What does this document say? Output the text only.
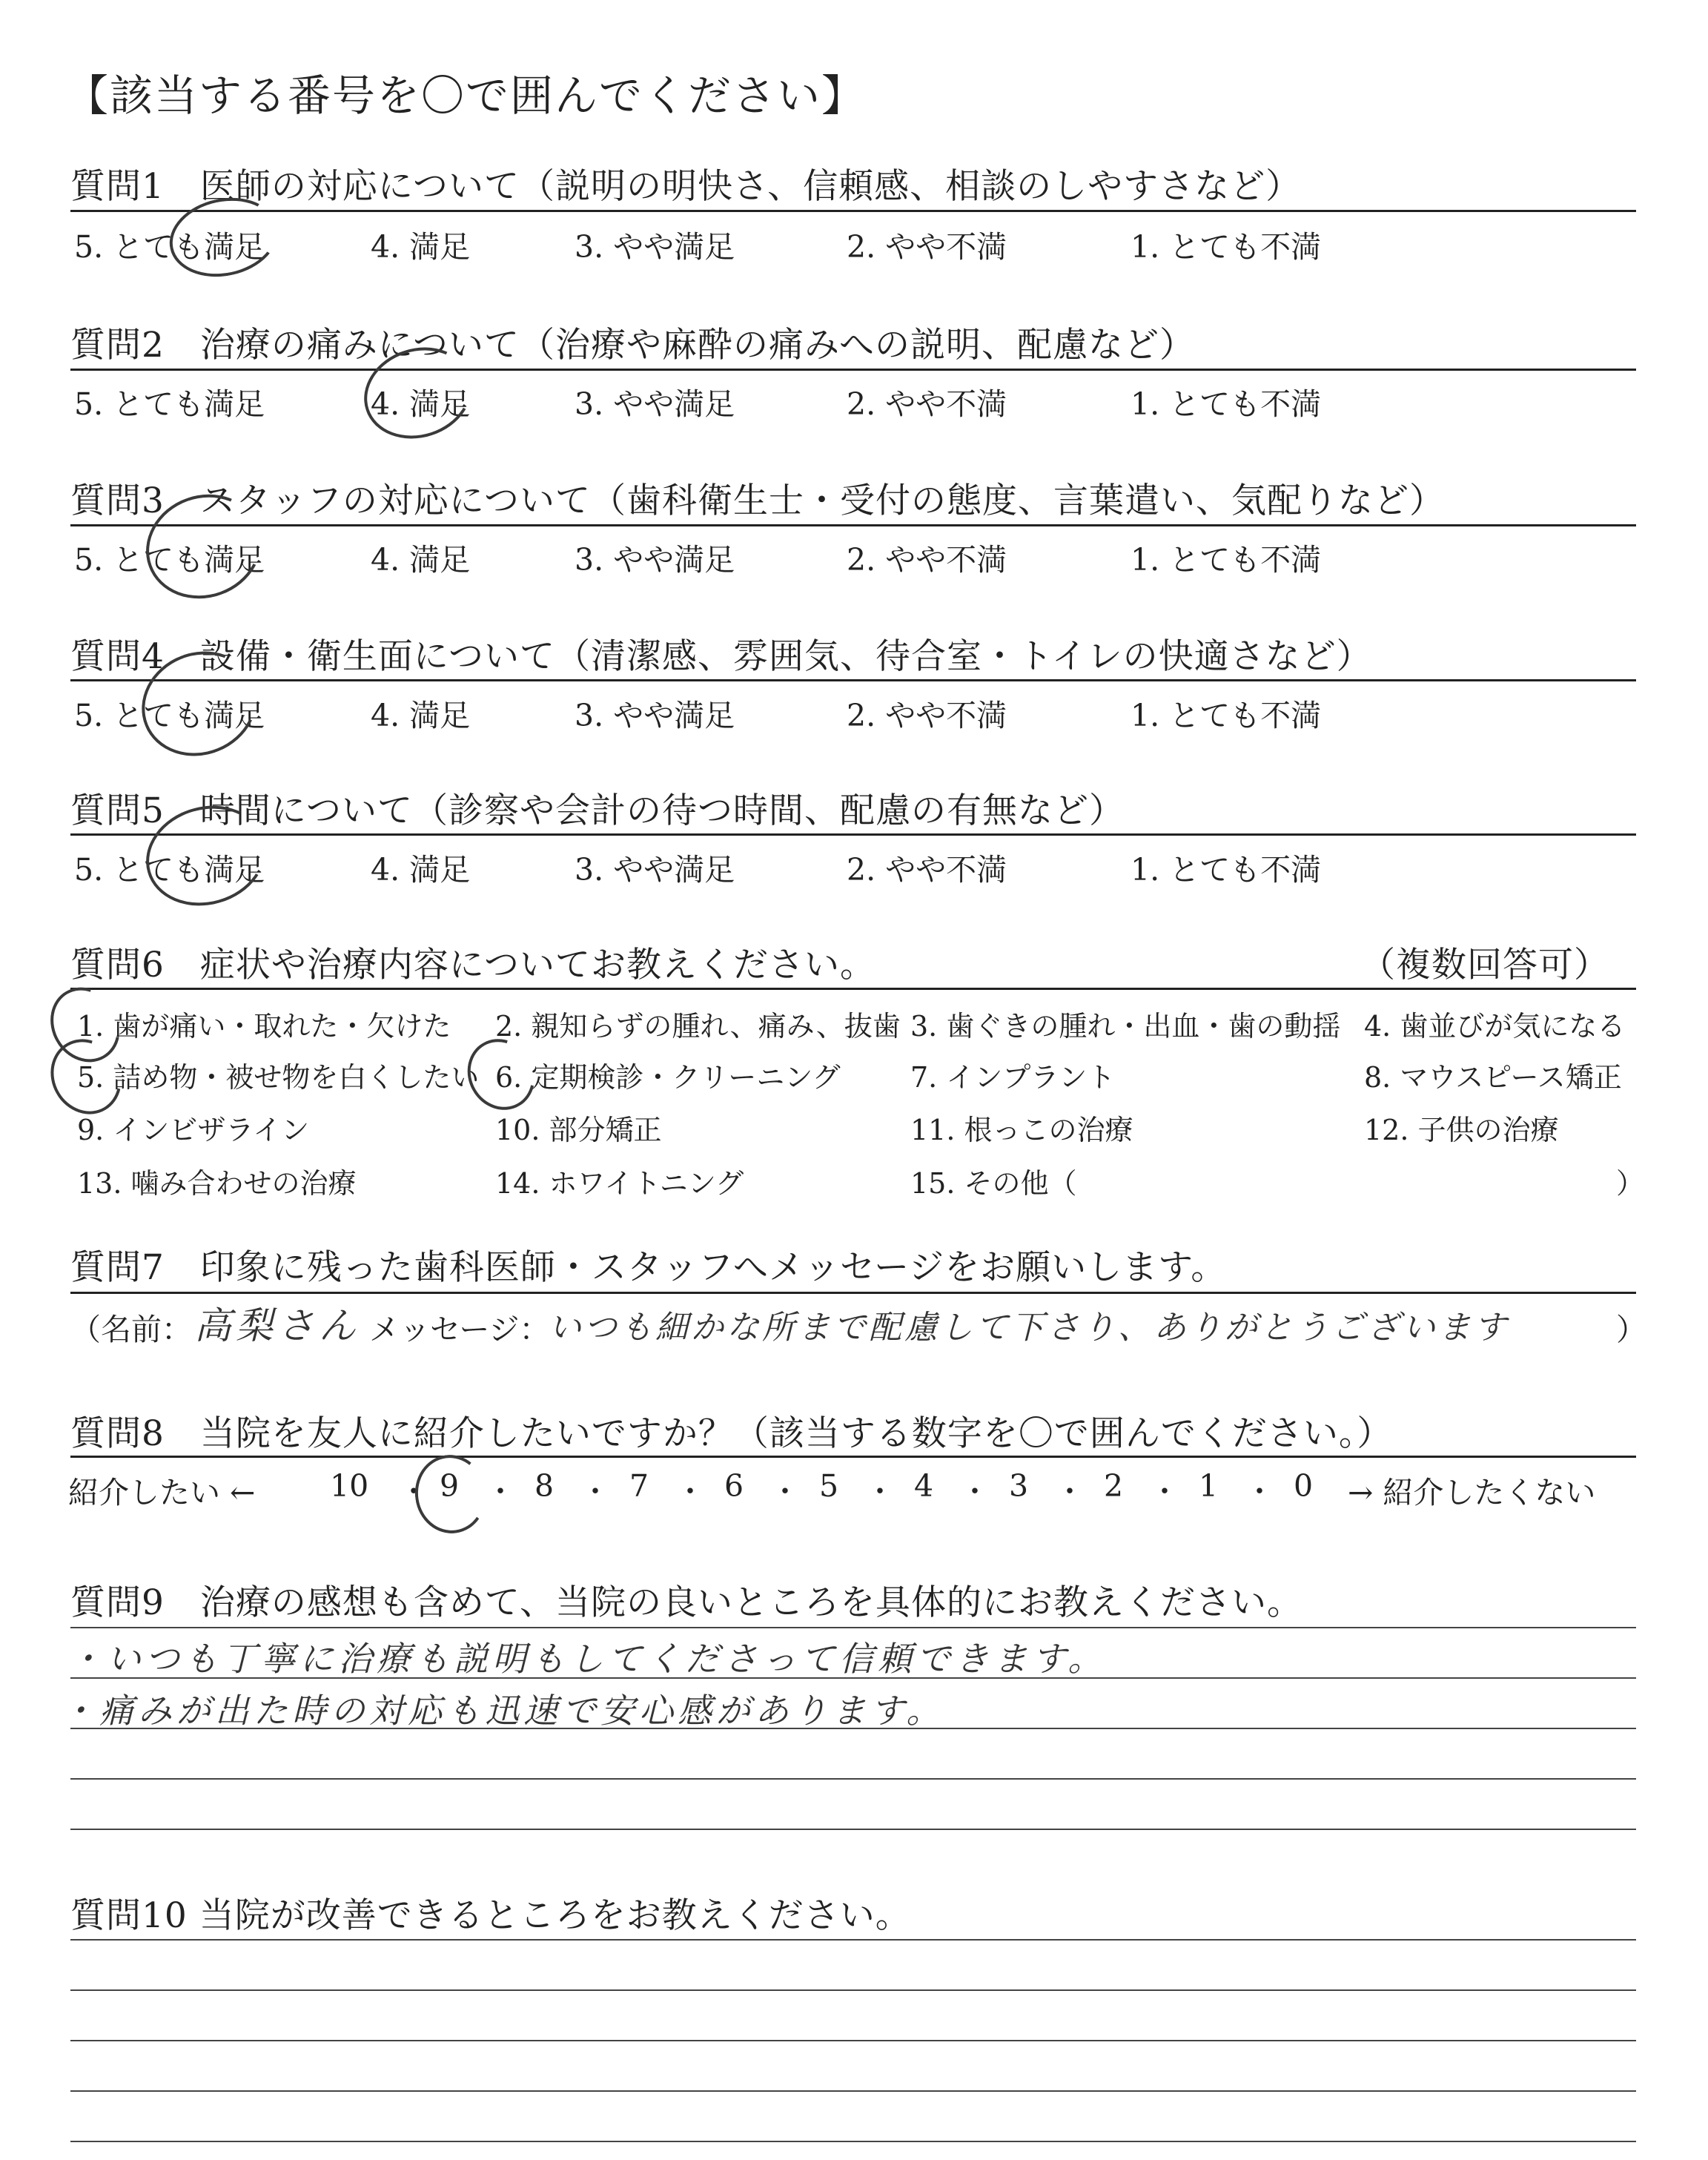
【該当する番号を〇で囲んでください】
質問1　医師の対応について（説明の明快さ、信頼感、相談のしやすさなど）
5. とても満足	4. 満足	3. やや満足	2. やや不満	1. とても不満
質問2　治療の痛みについて（治療や麻酔の痛みへの説明、配慮など）
5. とても満足	4. 満足	3. やや満足	2. やや不満	1. とても不満
質問3　スタッフの対応について（歯科衛生士・受付の態度、言葉遣い、気配りなど）
5. とても満足	4. 満足	3. やや満足	2. やや不満	1. とても不満
質問4　設備・衛生面について（清潔感、雰囲気、待合室・トイレの快適さなど）
5. とても満足	4. 満足	3. やや満足	2. やや不満	1. とても不満
質問5　時間について（診察や会計の待つ時間、配慮の有無など）
5. とても満足	4. 満足	3. やや満足	2. やや不満	1. とても不満
質問6　症状や治療内容についてお教えください。	（複数回答可）
1. 歯が痛い・取れた・欠けた 2. 親知らずの腫れ、痛み、抜歯 3. 歯ぐきの腫れ・出血・歯の動揺 4. 歯並びが気になる
5. 詰め物・被せ物を白くしたい 6. 定期検診・クリーニング 7. インプラント	8. マウスピース矯正
9. インビザライン	10. 部分矯正	11. 根っこの治療	12. 子供の治療
13. 噛み合わせの治療	14. ホワイトニング	15. その他（	）
質問7　印象に残った歯科医師・スタッフへメッセージをお願いします。
（名前： 高梨さん メッセージ：
いつも細かな所まで配慮して下さり、ありがとうございます	）
質問8　当院を友人に紹介したいですか？（該当する数字を〇で囲んでください。）
紹介したい ←	→ 紹介したくない
10 9 8 7 6 5 4 3 2 1 0
・ ・ ・ ・ ・ ・ ・ ・ ・ ・
質問9　治療の感想も含めて、当院の良いところを具体的にお教えください。
・いつも丁寧に治療も説明もしてくださって信頼できます。
・痛みが出た時の対応も迅速で安心感があります。
質問10 当院が改善できるところをお教えください。
